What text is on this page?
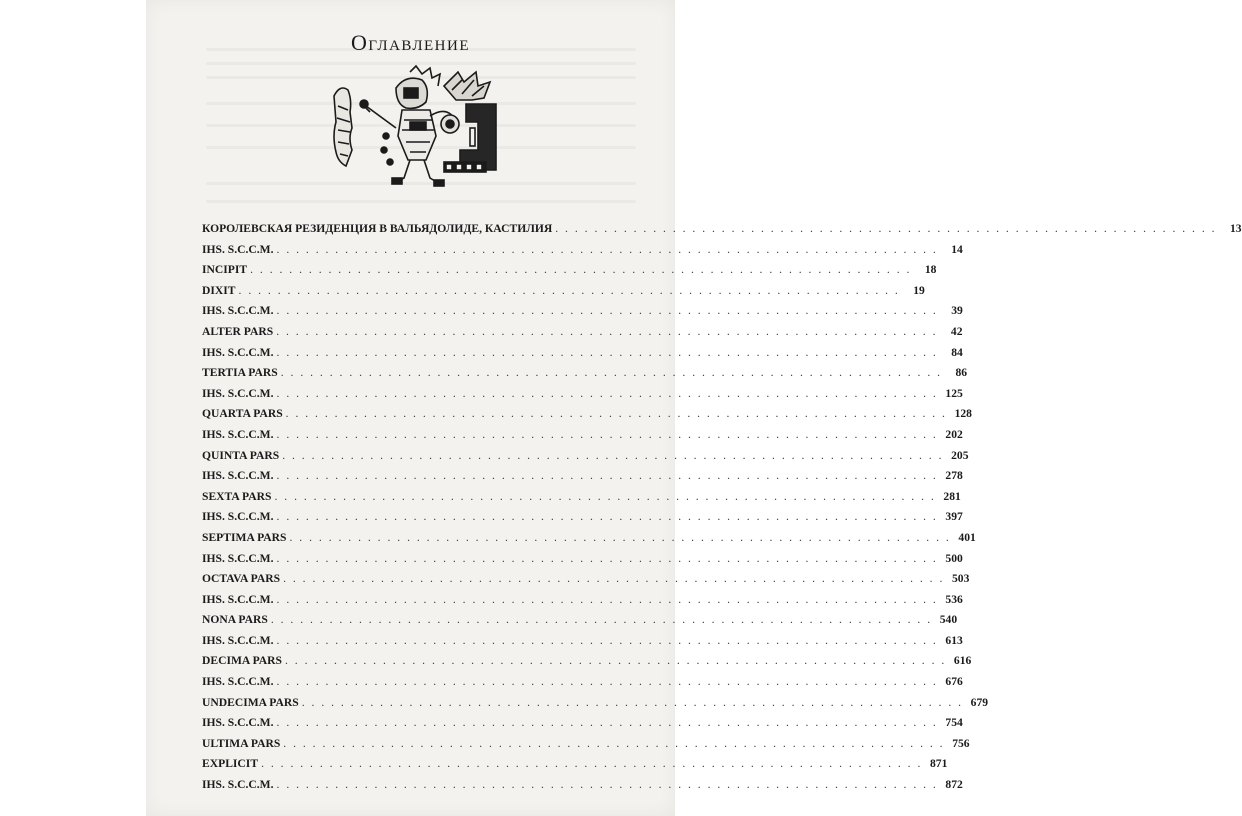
Оглавление
КОРОЛЕВСКАЯ РЕЗИДЕНЦИЯ В ВАЛЬЯДОЛИДЕ, КАСТИЛИЯ . . . . . . . . . . . . . . . . . . . . . . . . . . . . . . . . . . . . . . . . . . . . . . . . . . . . . . . . . . . . . . . . . . . .	13
IHS. S.C.C.M. . . . . . . . . . . . . . . . . . . . . . . . . . . . . . . . . . . . . . . . . . . . . . . . . . . . . . . . . . . . . . . . . . . . .	14
INCIPIT . . . . . . . . . . . . . . . . . . . . . . . . . . . . . . . . . . . . . . . . . . . . . . . . . . . . . . . . . . . . . . . . . . . .	18
DIXIT . . . . . . . . . . . . . . . . . . . . . . . . . . . . . . . . . . . . . . . . . . . . . . . . . . . . . . . . . . . . . . . . . . . .	19
IHS. S.C.C.M. . . . . . . . . . . . . . . . . . . . . . . . . . . . . . . . . . . . . . . . . . . . . . . . . . . . . . . . . . . . . . . . . . . . .	39
ALTER PARS . . . . . . . . . . . . . . . . . . . . . . . . . . . . . . . . . . . . . . . . . . . . . . . . . . . . . . . . . . . . . . . . . . . .	42
IHS. S.C.C.M. . . . . . . . . . . . . . . . . . . . . . . . . . . . . . . . . . . . . . . . . . . . . . . . . . . . . . . . . . . . . . . . . . . . .	84
TERTIA PARS . . . . . . . . . . . . . . . . . . . . . . . . . . . . . . . . . . . . . . . . . . . . . . . . . . . . . . . . . . . . . . . . . . . .	86
IHS. S.C.C.M. . . . . . . . . . . . . . . . . . . . . . . . . . . . . . . . . . . . . . . . . . . . . . . . . . . . . . . . . . . . . . . . . . . . . 125
QUARTA PARS . . . . . . . . . . . . . . . . . . . . . . . . . . . . . . . . . . . . . . . . . . . . . . . . . . . . . . . . . . . . . . . . . . . . 128
IHS. S.C.C.M. . . . . . . . . . . . . . . . . . . . . . . . . . . . . . . . . . . . . . . . . . . . . . . . . . . . . . . . . . . . . . . . . . . . . 202
QUINTA PARS . . . . . . . . . . . . . . . . . . . . . . . . . . . . . . . . . . . . . . . . . . . . . . . . . . . . . . . . . . . . . . . . . . . . 205
IHS. S.C.C.M. . . . . . . . . . . . . . . . . . . . . . . . . . . . . . . . . . . . . . . . . . . . . . . . . . . . . . . . . . . . . . . . . . . . . 278
SEXTA PARS . . . . . . . . . . . . . . . . . . . . . . . . . . . . . . . . . . . . . . . . . . . . . . . . . . . . . . . . . . . . . . . . . . . . 281
IHS. S.C.C.M. . . . . . . . . . . . . . . . . . . . . . . . . . . . . . . . . . . . . . . . . . . . . . . . . . . . . . . . . . . . . . . . . . . . . 397
SEPTIMA PARS . . . . . . . . . . . . . . . . . . . . . . . . . . . . . . . . . . . . . . . . . . . . . . . . . . . . . . . . . . . . . . . . . . . . 401
IHS. S.C.C.M. . . . . . . . . . . . . . . . . . . . . . . . . . . . . . . . . . . . . . . . . . . . . . . . . . . . . . . . . . . . . . . . . . . . . 500
OCTAVA PARS . . . . . . . . . . . . . . . . . . . . . . . . . . . . . . . . . . . . . . . . . . . . . . . . . . . . . . . . . . . . . . . . . . . . 503
IHS. S.C.C.M. . . . . . . . . . . . . . . . . . . . . . . . . . . . . . . . . . . . . . . . . . . . . . . . . . . . . . . . . . . . . . . . . . . . . 536
NONA PARS . . . . . . . . . . . . . . . . . . . . . . . . . . . . . . . . . . . . . . . . . . . . . . . . . . . . . . . . . . . . . . . . . . . . 540
IHS. S.C.C.M. . . . . . . . . . . . . . . . . . . . . . . . . . . . . . . . . . . . . . . . . . . . . . . . . . . . . . . . . . . . . . . . . . . . . 613
DECIMA PARS . . . . . . . . . . . . . . . . . . . . . . . . . . . . . . . . . . . . . . . . . . . . . . . . . . . . . . . . . . . . . . . . . . . . 616
IHS. S.C.C.M. . . . . . . . . . . . . . . . . . . . . . . . . . . . . . . . . . . . . . . . . . . . . . . . . . . . . . . . . . . . . . . . . . . . . 676
UNDECIMA PARS . . . . . . . . . . . . . . . . . . . . . . . . . . . . . . . . . . . . . . . . . . . . . . . . . . . . . . . . . . . . . . . . . . . . 679
IHS. S.C.C.M. . . . . . . . . . . . . . . . . . . . . . . . . . . . . . . . . . . . . . . . . . . . . . . . . . . . . . . . . . . . . . . . . . . . . 754
ULTIMA PARS . . . . . . . . . . . . . . . . . . . . . . . . . . . . . . . . . . . . . . . . . . . . . . . . . . . . . . . . . . . . . . . . . . . . 756
EXPLICIT . . . . . . . . . . . . . . . . . . . . . . . . . . . . . . . . . . . . . . . . . . . . . . . . . . . . . . . . . . . . . . . . . . . . 871
IHS. S.C.C.M. . . . . . . . . . . . . . . . . . . . . . . . . . . . . . . . . . . . . . . . . . . . . . . . . . . . . . . . . . . . . . . . . . . . . 872
